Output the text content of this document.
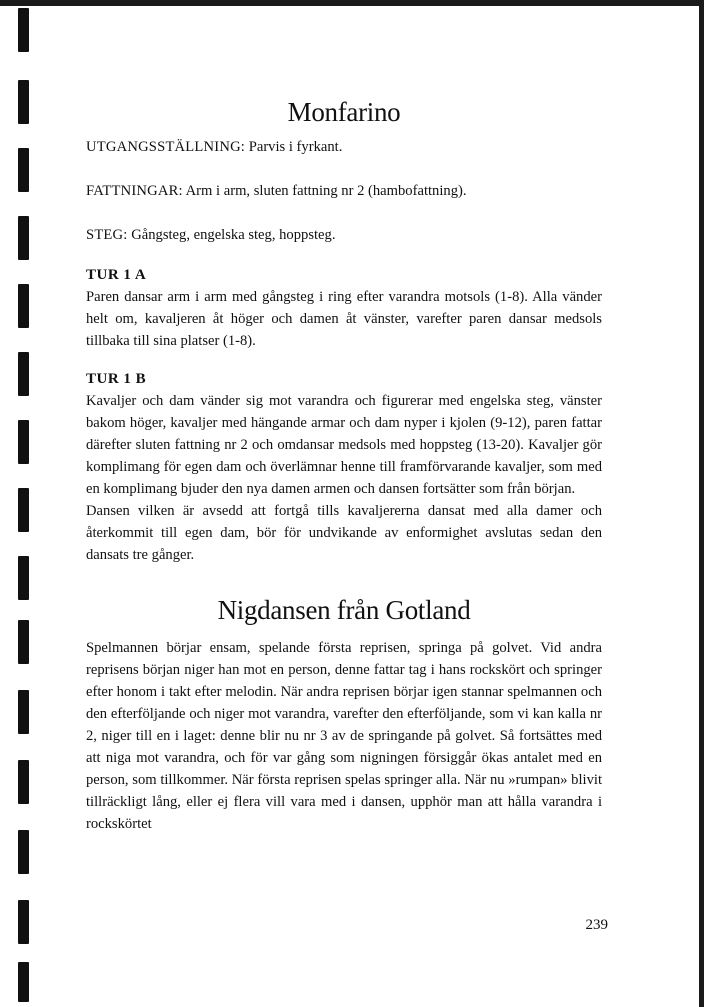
Monfarino

UTGANGSSTÄLLNING: Parvis i fyrkant.

FATTNINGAR: Arm i arm, sluten fattning nr 2 (hambofattning).

STEG: Gångsteg, engelska steg, hoppsteg.

TUR 1 A

Paren dansar arm i arm med gångsteg i ring efter varandra motsols (1-8). Alla vänder helt om, kavaljeren åt höger och damen åt vänster, varefter paren dansar medsols tillbaka till sina platser (1-8).

TUR 1 B

Kavaljer och dam vänder sig mot varandra och figurerar med engelska steg, vänster bakom höger, kavaljer med hängande armar och dam nyper i kjolen (9-12), paren fattar därefter sluten fattning nr 2 och omdansar medsols med hoppsteg (13-20). Kavaljer gör komplimang för egen dam och överlämnar henne till framförvarande kavaljer, som med en komplimang bjuder den nya damen armen och dansen fortsätter som från början.

Dansen vilken är avsedd att fortgå tills kavaljererna dansat med alla damer och återkommit till egen dam, bör för undvikande av enformighet avslutas sedan den dansats tre gånger.

Nigdansen från Gotland

Spelmannen börjar ensam, spelande första reprisen, springa på golvet. Vid andra reprisens början niger han mot en person, denne fattar tag i hans rockskört och springer efter honom i takt efter melodin. När andra reprisen börjar igen stannar spelmannen och den efterföljande och niger mot varandra, varefter den efterföljande, som vi kan kalla nr 2, niger till en i laget: denne blir nu nr 3 av de springande på golvet. Så fortsättes med att niga mot varandra, och för var gång som nigningen försiggår ökas antalet med en person, som tillkommer. När första reprisen spelas springer alla. När nu »rumpan» blivit tillräckligt lång, eller ej flera vill vara med i dansen, upphör man att hålla varandra i rockskörtet

239
